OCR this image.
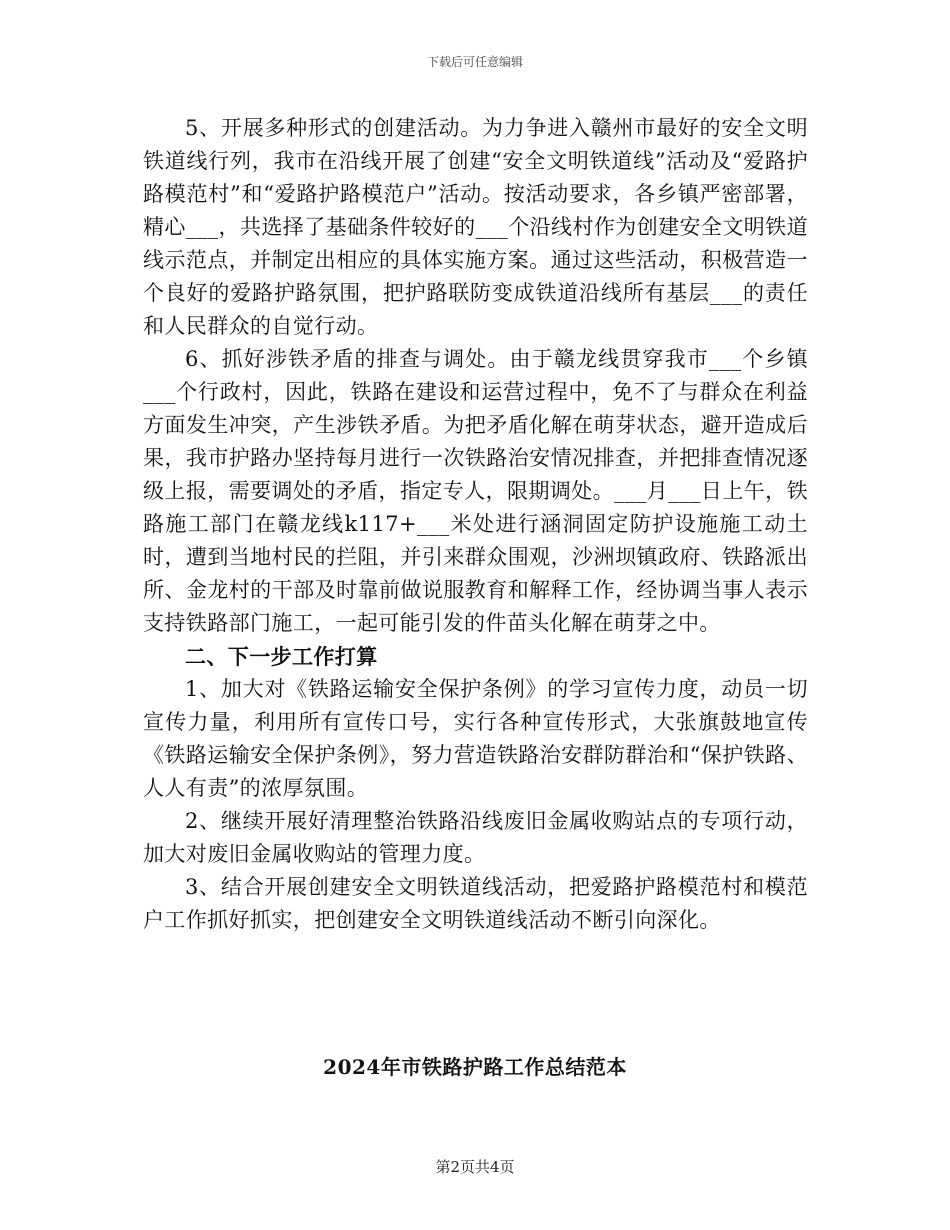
下载后可任意编辑

5、开展多种形式的创建活动。为力争进入赣州市最好的安全文明铁道线行列，我市在沿线开展了创建“安全文明铁道线”活动及“爱路护路模范村”和“爱路护路模范户”活动。按活动要求，各乡镇严密部署，精心___，共选择了基础条件较好的___个沿线村作为创建安全文明铁道线示范点，并制定出相应的具体实施方案。通过这些活动，积极营造一个良好的爱路护路氛围，把护路联防变成铁道沿线所有基层___的责任和人民群众的自觉行动。

6、抓好涉铁矛盾的排查与调处。由于赣龙线贯穿我市___个乡镇___个行政村，因此，铁路在建设和运营过程中，免不了与群众在利益方面发生冲突，产生涉铁矛盾。为把矛盾化解在萌芽状态，避开造成后果，我市护路办坚持每月进行一次铁路治安情况排查，并把排查情况逐级上报，需要调处的矛盾，指定专人，限期调处。___月___日上午，铁路施工部门在赣龙线k117+___米处进行涵洞固定防护设施施工动土时，遭到当地村民的拦阻，并引来群众围观，沙洲坝镇政府、铁路派出所、金龙村的干部及时靠前做说服教育和解释工作，经协调当事人表示支持铁路部门施工，一起可能引发的件苗头化解在萌芽之中。

二、下一步工作打算

1、加大对《铁路运输安全保护条例》的学习宣传力度，动员一切宣传力量，利用所有宣传口号，实行各种宣传形式，大张旗鼓地宣传《铁路运输安全保护条例》，努力营造铁路治安群防群治和“保护铁路、人人有责”的浓厚氛围。

2、继续开展好清理整治铁路沿线废旧金属收购站点的专项行动，加大对废旧金属收购站的管理力度。

3、结合开展创建安全文明铁道线活动，把爱路护路模范村和模范户工作抓好抓实，把创建安全文明铁道线活动不断引向深化。

2024年市铁路护路工作总结范本
第2页共4页
